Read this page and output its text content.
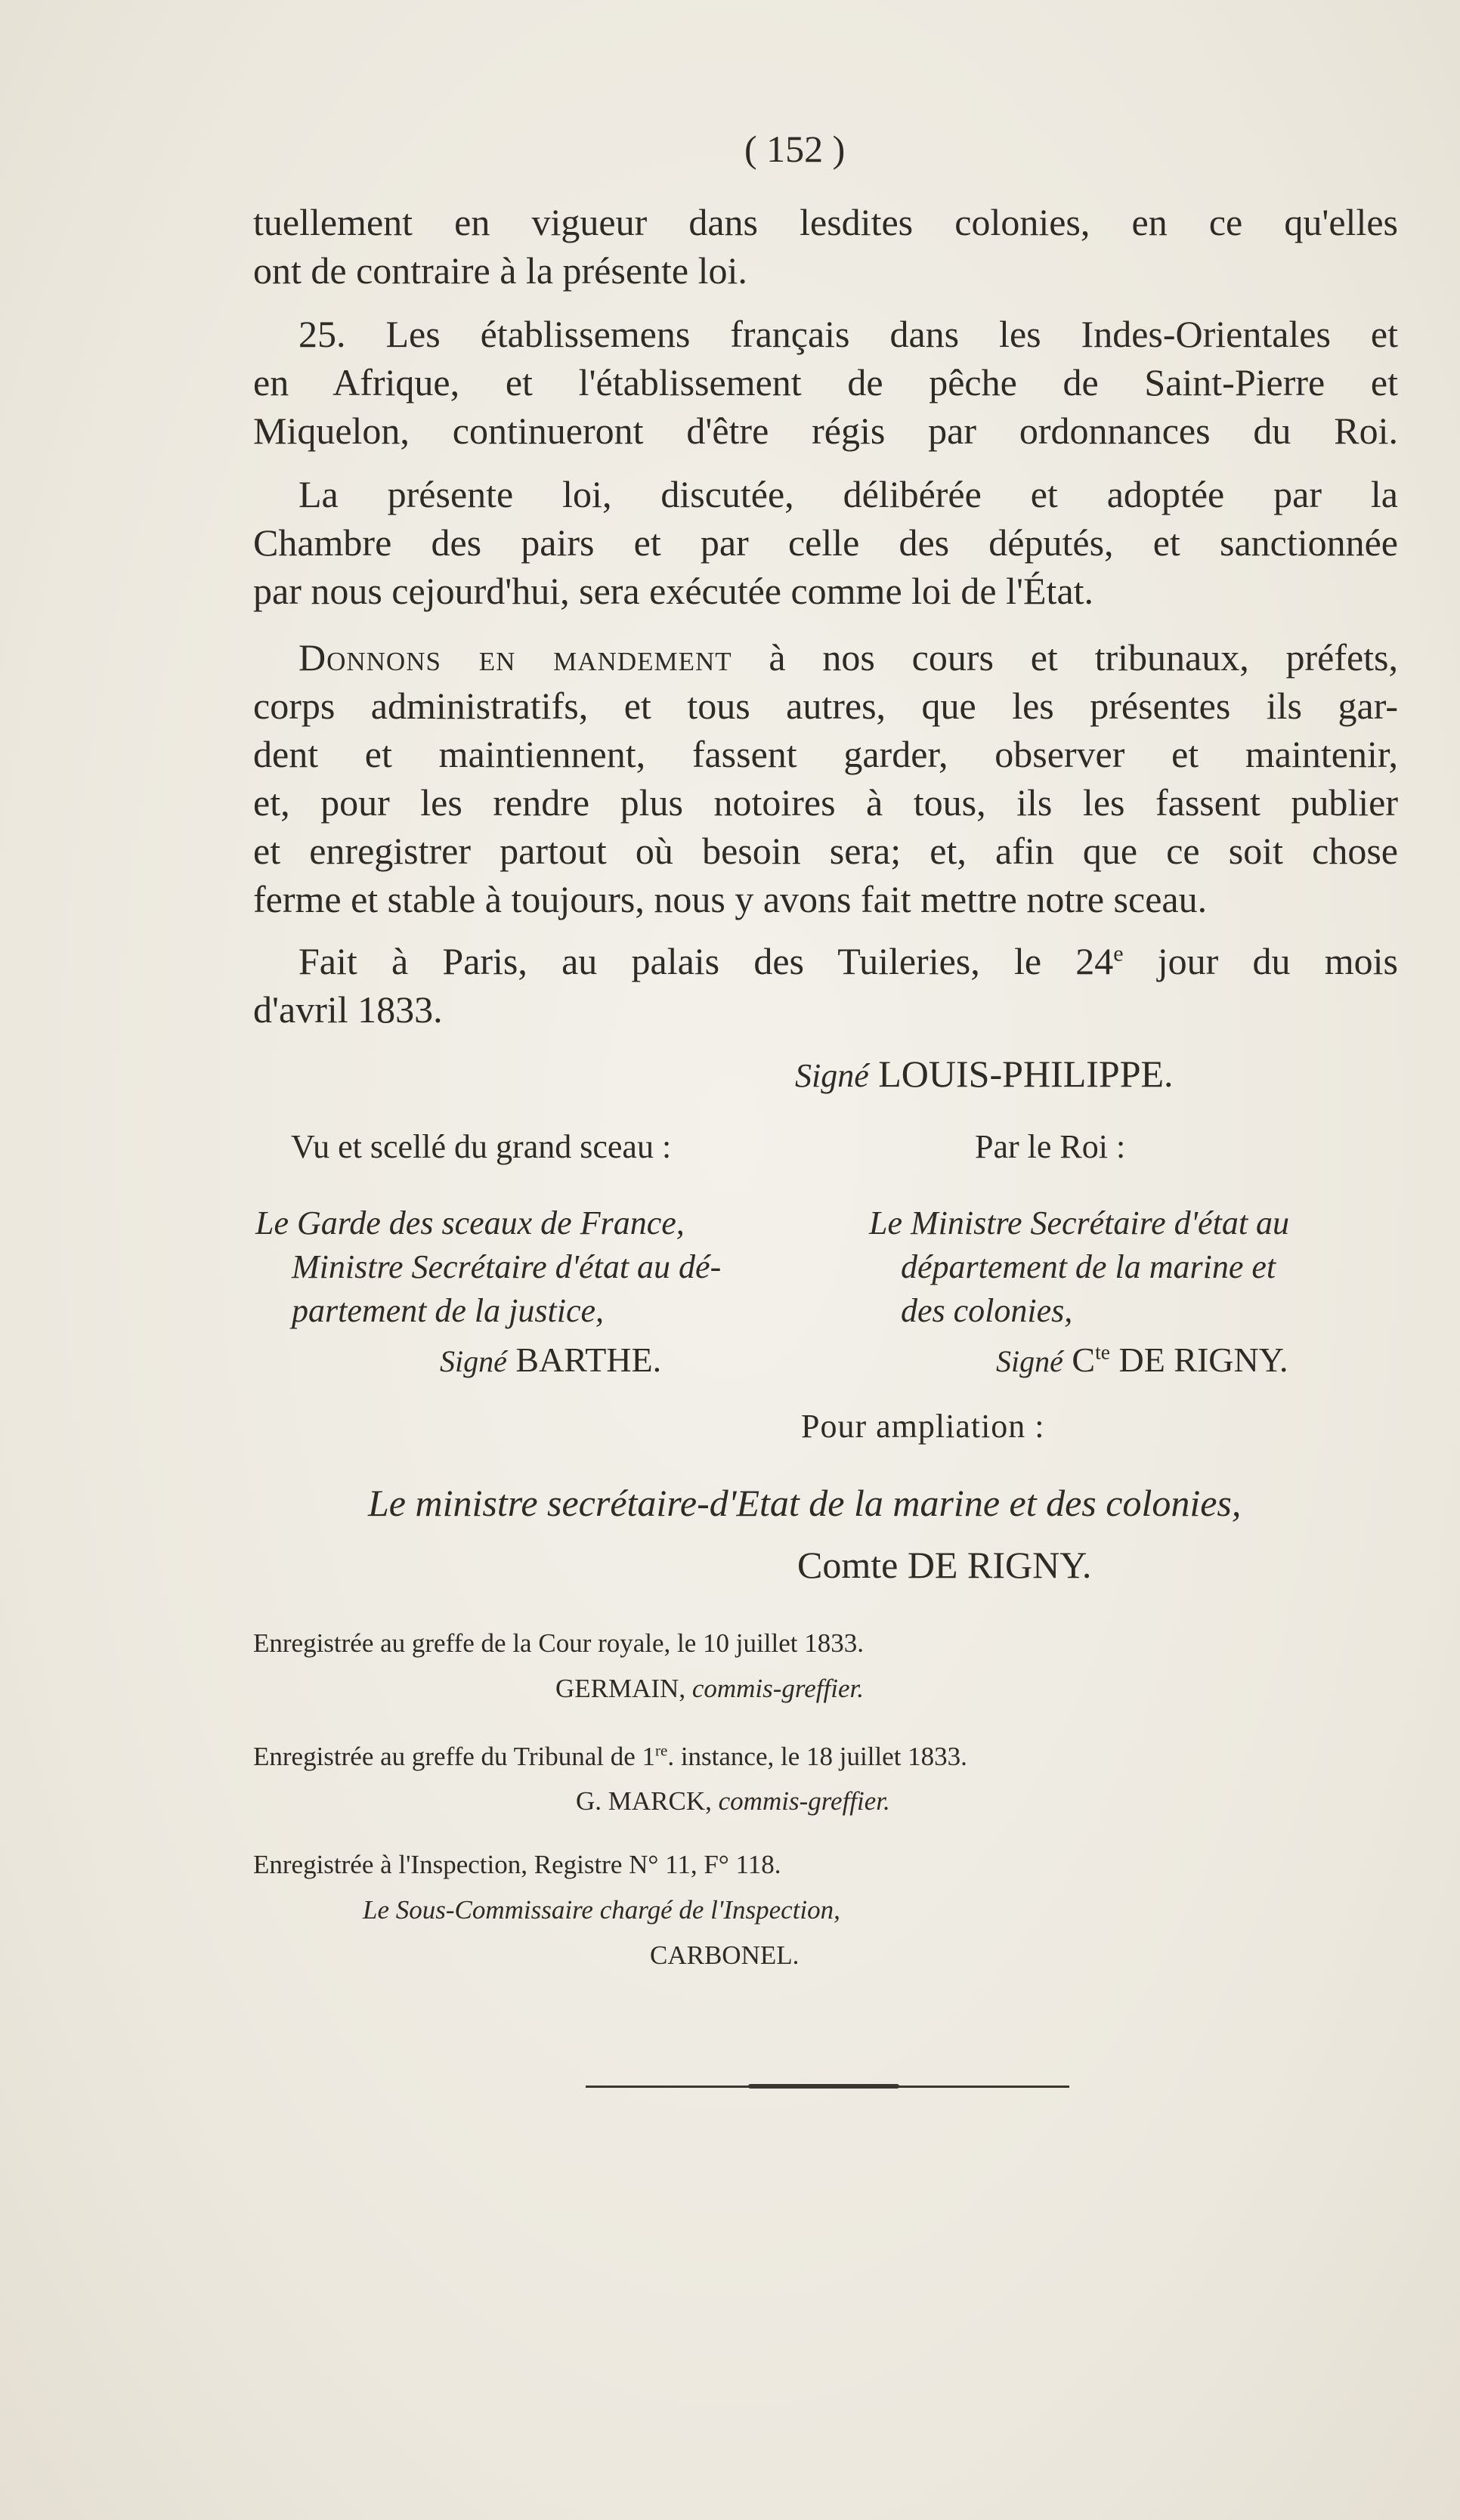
( 152 )
tuellement en vigueur dans lesdites colonies, en ce qu'elles
ont de contraire à la présente loi.
25. Les établissemens français dans les Indes-Orientales et
en Afrique, et l'établissement de pêche de Saint-Pierre et
Miquelon, continueront d'être régis par ordonnances du Roi.
La présente loi, discutée, délibérée et adoptée par la
Chambre des pairs et par celle des députés, et sanctionnée
par nous cejourd'hui, sera exécutée comme loi de l'État.
Donnons en mandement à nos cours et tribunaux, préfets,
corps administratifs, et tous autres, que les présentes ils gar-
dent et maintiennent, fassent garder, observer et maintenir,
et, pour les rendre plus notoires à tous, ils les fassent publier
et enregistrer partout où besoin sera; et, afin que ce soit chose
ferme et stable à toujours, nous y avons fait mettre notre sceau.
Fait à Paris, au palais des Tuileries, le 24e jour du mois
d'avril 1833.
Signé LOUIS-PHILIPPE.
Vu et scellé du grand sceau :	Par le Roi :
Le Garde des sceaux de France,
Ministre Secrétaire d'état au dé-
partement de la justice,
Signé BARTHE.
Le Ministre Secrétaire d'état au
département de la marine et
des colonies,
Signé $C^{te}$ DE RIGNY.
Pour ampliation :
Le ministre secrétaire-d'Etat de la marine et des colonies,
Comte DE RIGNY.
Enregistrée au greffe de la Cour royale, le 10 juillet 1833.
GERMAIN, commis-greffier.
Enregistrée au greffe du Tribunal de 1re. instance, le 18 juillet 1833.
G. MARCK, commis-greffier.
Enregistrée à l'Inspection, Registre N° 11, F° 118.
Le Sous-Commissaire chargé de l'Inspection,
CARBONEL.
